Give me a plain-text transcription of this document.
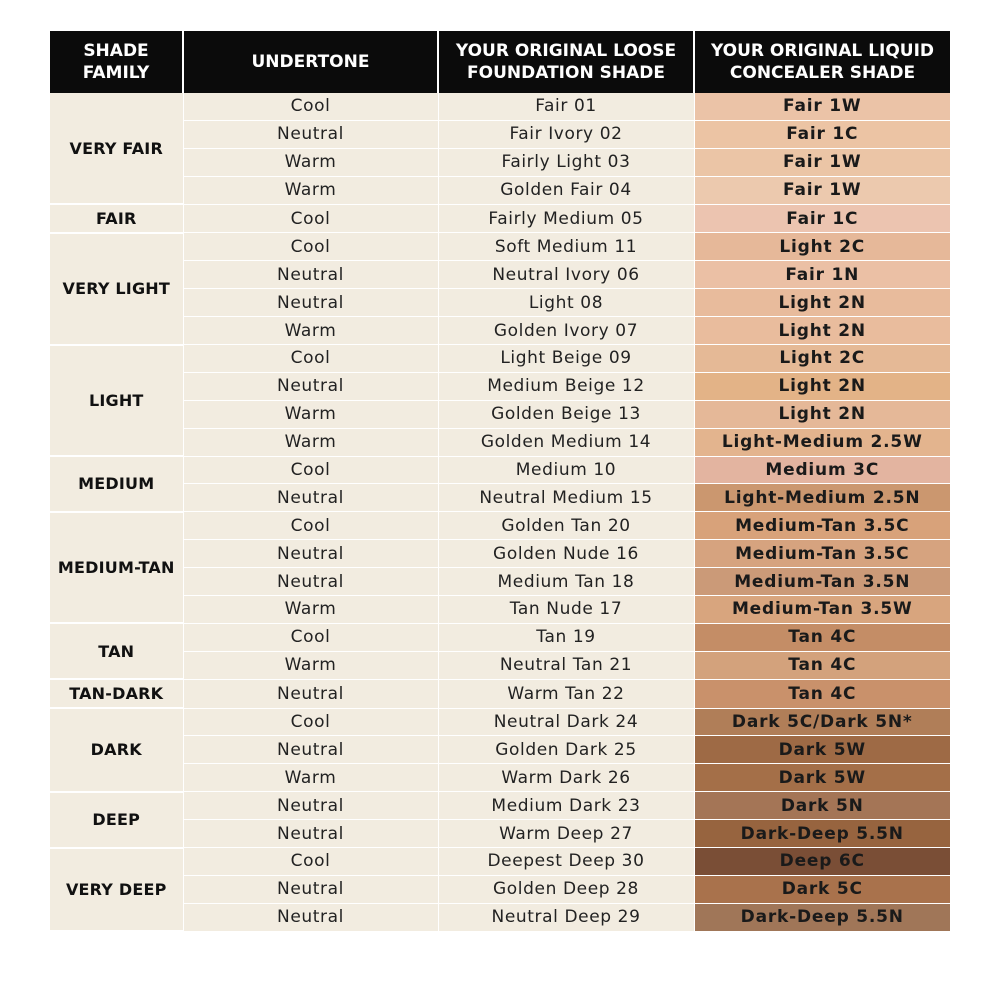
SHADE FAMILY	UNDERTONE	YOUR ORIGINAL LOOSE FOUNDATION SHADE	YOUR ORIGINAL LIQUID CONCEALER SHADE
VERY FAIR	Cool	Fair 01	Fair 1W
	Neutral	Fair Ivory 02	Fair 1C
	Warm	Fairly Light 03	Fair 1W
	Warm	Golden Fair 04	Fair 1W
FAIR	Cool	Fairly Medium 05	Fair 1C
VERY LIGHT	Cool	Soft Medium 11	Light 2C
	Neutral	Neutral Ivory 06	Fair 1N
	Neutral	Light 08	Light 2N
	Warm	Golden Ivory 07	Light 2N
LIGHT	Cool	Light Beige 09	Light 2C
	Neutral	Medium Beige 12	Light 2N
	Warm	Golden Beige 13	Light 2N
	Warm	Golden Medium 14	Light-Medium 2.5W
MEDIUM	Cool	Medium 10	Medium 3C
	Neutral	Neutral Medium 15	Light-Medium 2.5N
MEDIUM-TAN	Cool	Golden Tan 20	Medium-Tan 3.5C
	Neutral	Golden Nude 16	Medium-Tan 3.5C
	Neutral	Medium Tan 18	Medium-Tan 3.5N
	Warm	Tan Nude 17	Medium-Tan 3.5W
TAN	Cool	Tan 19	Tan 4C
	Warm	Neutral Tan 21	Tan 4C
TAN-DARK	Neutral	Warm Tan 22	Tan 4C
DARK	Cool	Neutral Dark 24	Dark 5C/Dark 5N*
	Neutral	Golden Dark 25	Dark 5W
	Warm	Warm Dark 26	Dark 5W
DEEP	Neutral	Medium Dark 23	Dark 5N
	Neutral	Warm Deep 27	Dark-Deep 5.5N
VERY DEEP	Cool	Deepest Deep 30	Deep 6C
	Neutral	Golden Deep 28	Dark 5C
	Neutral	Neutral Deep 29	Dark-Deep 5.5N
